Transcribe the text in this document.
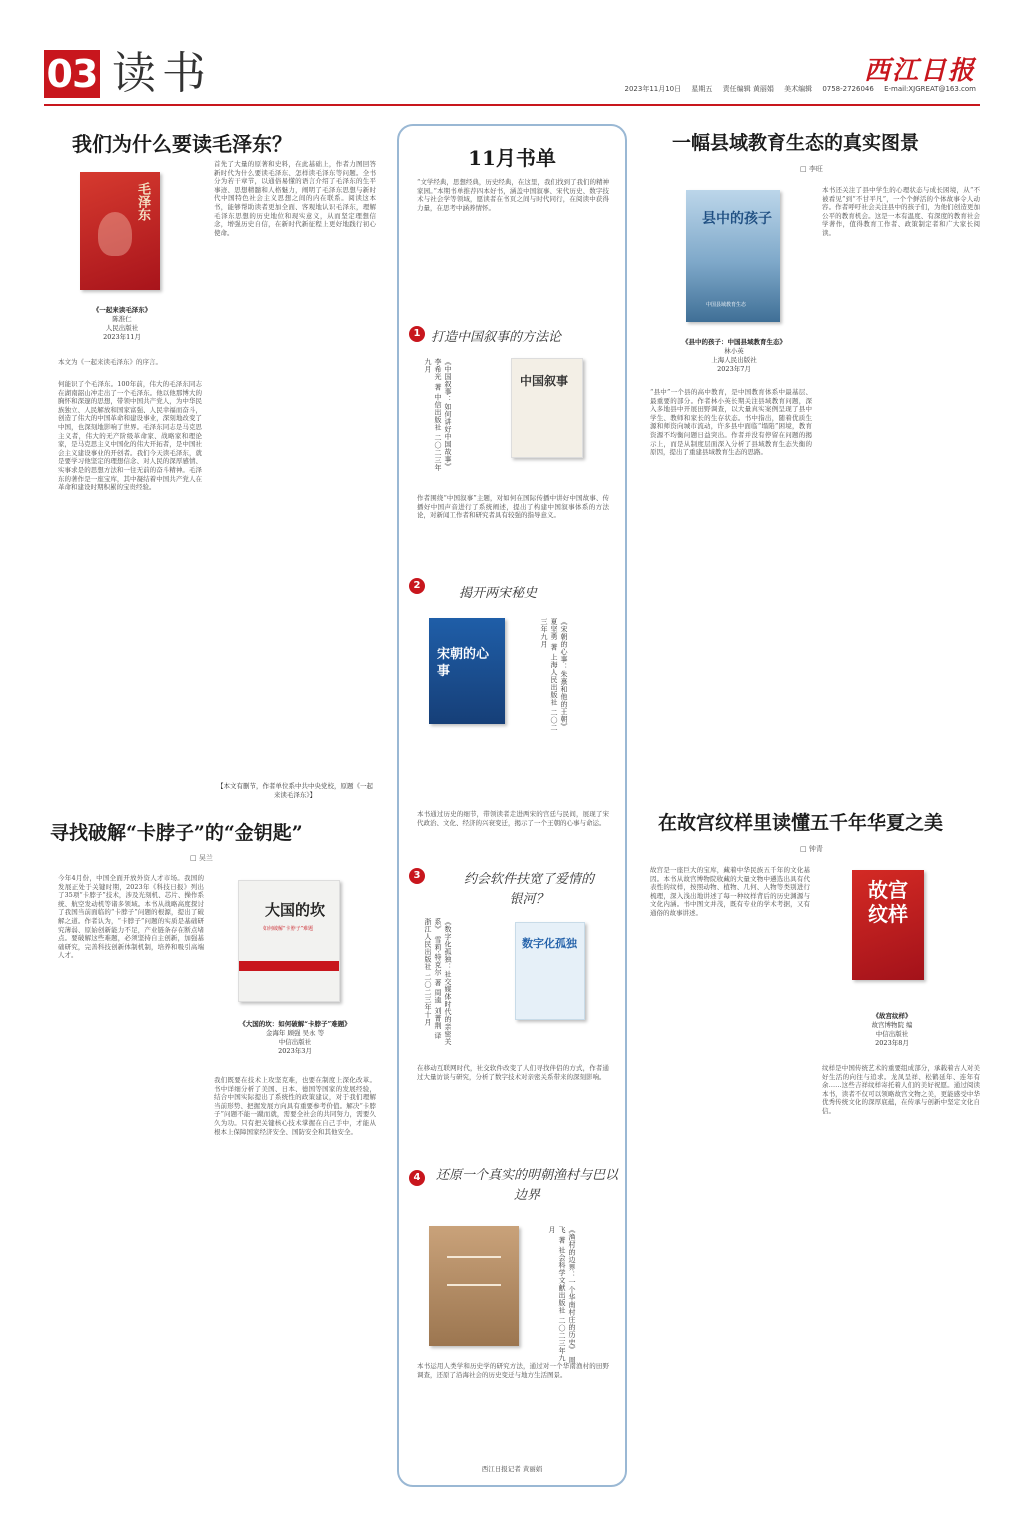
03 读书	西江日报
2023年11月10日 星期五 责任编辑 黄丽娟 美术编辑 0758-2726046 E-mail:XJGREAT@163.com
我们为什么要读毛泽东？
毛泽东
《一起来读毛泽东》
陈淮仁
人民出版社
2023年11月
本文为《一起来读毛泽东》的序言。
何能识了个毛泽东。100年前，伟大的毛泽东同志在湖南韶山冲走出了一个毛泽东。他以他那博大的胸怀和深邃的思想，带领中国共产党人，为中华民族独立、人民解放和国家富强、人民幸福而奋斗，创造了伟大的中国革命和建设事业，深刻地改变了中国，也深刻地影响了世界。毛泽东同志是马克思主义者，伟大的无产阶级革命家、战略家和理论家，是马克思主义中国化的伟大开拓者，是中国社会主义建设事业的开创者。我们今天读毛泽东，就是要学习他坚定的理想信念、对人民的深厚感情、实事求是的思想方法和一往无前的奋斗精神。毛泽东的著作是一座宝库，其中凝结着中国共产党人在革命和建设时期积累的宝贵经验。
首先了大量的原著和史料，在此基础上，作者力图回答新时代为什么要读毛泽东、怎样读毛泽东等问题。全书分为若干章节，以通俗易懂的语言介绍了毛泽东的生平事迹、思想精髓和人格魅力，阐明了毛泽东思想与新时代中国特色社会主义思想之间的内在联系。阅读这本书，能够帮助读者更加全面、客观地认识毛泽东，理解毛泽东思想的历史地位和现实意义，从而坚定理想信念，增强历史自信，在新时代新征程上更好地践行初心使命。
【本文有删节，作者单位系中共中央党校，原题《一起来读毛泽东》】
寻找破解“卡脖子”的“金钥匙”
□ 吴兰
今年4月份，中国全面开放外资人才市场。我国的发展正处于关键时期，2023年《科技日报》列出了35项“卡脖子”技术，涉及光刻机、芯片、操作系统、航空发动机等诸多领域。本书从战略高度探讨了我国当前面临的“卡脖子”问题的根源，提出了破解之道。作者认为，“卡脖子”问题的实质是基础研究薄弱、原始创新能力不足，产业链条存在断点堵点。要破解这些难题，必须坚持自主创新，加强基础研究，完善科技创新体制机制，培养和吸引高端人才。
大国的坎
如何破解“卡脖子”难题
《大国的坎：如何破解“卡脖子”难题》
金海年 顾强 吴永 等
中信出版社
2023年3月
我们既要在技术上攻坚克难，也要在制度上深化改革。书中详细分析了美国、日本、德国等国家的发展经验，结合中国实际提出了系统性的政策建议，对于我们理解当前形势、把握发展方向具有重要参考价值。解决“卡脖子”问题不能一蹴而就，需要全社会的共同努力，需要久久为功。只有把关键核心技术掌握在自己手中，才能从根本上保障国家经济安全、国防安全和其他安全。
11月书单
“文学经典，思想经典，历史经典，在这里，我们找到了我们的精神家园。”本期书单推荐四本好书，涵盖中国叙事、宋代历史、数字技术与社会学等领域，愿读者在书页之间与时代同行，在阅读中获得力量，在思考中涵养情怀。
1 打造中国叙事的方法论
《中国叙事：如何讲好中国故事》 李希光 著 中信出版社 二〇二三年九月
中国叙事
作者围绕“中国叙事”主题，对如何在国际传播中讲好中国故事、传播好中国声音进行了系统阐述，提出了构建中国叙事体系的方法论，对新闻工作者和研究者具有较强的指导意义。
2
揭开两宋秘史
宋朝的心事	《宋朝的心事：朱熹和他的王朝》 夏坚勇 著 上海人民出版社 二〇二三年九月
本书通过历史的细节，带领读者走进两宋的宫廷与民间，展现了宋代政治、文化、经济的兴衰变迁，揭示了一个王朝的心事与命运。
3	约会软件扶宽了爱情的银河？
《数字化孤独：社交媒体时代的亲密关系》 雪莉·特克尔 著 周逵 刘菁荆 译 浙江人民出版社 二〇二三年十月	数字化孤独
在移动互联网时代，社交软件改变了人们寻找伴侣的方式，作者通过大量访谈与研究，分析了数字技术对亲密关系带来的深刻影响。
4	还原一个真实的明朝渔村与巴以边界
《渔村的边界：一个华南村庄的历史》 周飞 著 社会科学文献出版社 二〇二三年九月
本书运用人类学和历史学的研究方法，通过对一个华南渔村的田野调查，还原了沿海社会的历史变迁与地方生活图景。
西江日报记者 黄丽娟
一幅县域教育生态的真实图景
□ 李旺
县中的孩子
中国县域教育生态
《县中的孩子：中国县域教育生态》
林小英
上海人民出版社
2023年7月
“县中”一个县的高中教育，是中国教育体系中最基层、最重要的部分。作者林小英长期关注县域教育问题，深入多地县中开展田野调查，以大量真实案例呈现了县中学生、教师和家长的生存状态。书中指出，随着优质生源和师资向城市流动，许多县中面临“塌陷”困境，教育资源不均衡问题日益突出。作者并没有停留在问题的揭示上，而是从制度层面深入分析了县域教育生态失衡的原因，提出了重建县域教育生态的思路。
本书还关注了县中学生的心理状态与成长困境，从“不被看见”到“不甘平凡”，一个个鲜活的个体故事令人动容。作者呼吁社会关注县中的孩子们，为他们创造更加公平的教育机会。这是一本有温度、有深度的教育社会学著作，值得教育工作者、政策制定者和广大家长阅读。
在故宫纹样里读懂五千年华夏之美
□ 钟青
故宫是一座巨大的宝库，藏着中华民族五千年的文化基因。本书从故宫博物院收藏的大量文物中遴选出具有代表性的纹样，按照动物、植物、几何、人物等类别进行梳理，深入浅出地讲述了每一种纹样背后的历史渊源与文化内涵。书中图文并茂，既有专业的学术考据，又有通俗的故事讲述。
故宫纹样
《故宫纹样》
故宫博物院 编
中信出版社
2023年8月
纹样是中国传统艺术的重要组成部分，承载着古人对美好生活的向往与追求。龙凤呈祥、松鹤延年、连年有余……这些吉祥纹样寄托着人们的美好祝愿。通过阅读本书，读者不仅可以领略故宫文物之美，更能感受中华优秀传统文化的深厚底蕴，在传承与创新中坚定文化自信。
